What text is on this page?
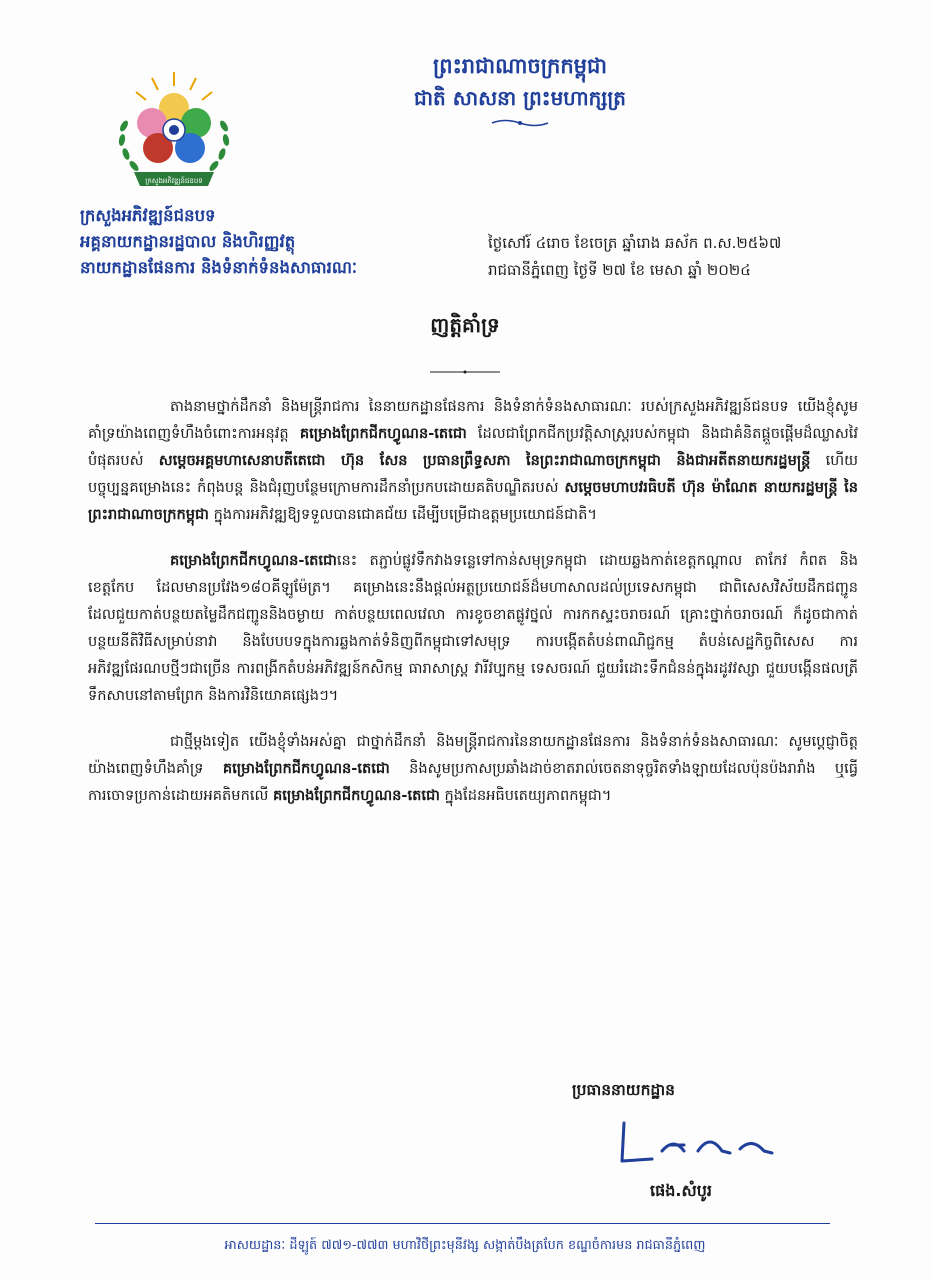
ព្រះរាជាណាចក្រកម្ពុជា
ជាតិ សាសនា ព្រះមហាក្សត្រ
ក្រសួងអភិវឌ្ឍន៍ជនបទ
ក្រសួងអភិវឌ្ឍន៍ជនបទ
អគ្គនាយកដ្ឋានរដ្ឋបាល និងហិរញ្ញវត្ថុ
នាយកដ្ឋានផែនការ និងទំនាក់ទំនងសាធារណៈ
ថ្ងៃសៅរ៍ ៤រោច ខែចេត្រ ឆ្នាំរោង ឆស័ក ព.ស.២៥៦៧
រាជធានីភ្នំពេញ ថ្ងៃទី ២៧ ខែ មេសា ឆ្នាំ ២០២៤
ញត្តិគាំទ្រ

តាងនាមថ្នាក់ដឹកនាំ និងមន្ត្រីរាជការ នៃនាយកដ្ឋានផែនការ និងទំនាក់ទំនងសាធារណៈ របស់ក្រសួងអភិវឌ្ឍន៍ជនបទ យើងខ្ញុំសូមគាំទ្រយ៉ាងពេញទំហឹងចំពោះការអនុវត្ត គម្រោងព្រែកជីកហ្វូណន-តេជោ ដែលជាព្រែកជីកប្រវត្តិសាស្ត្ររបស់កម្ពុជា និងជាគំនិតផ្តួចផ្តើមដ៏ឈ្លាសវៃបំផុតរបស់ សម្តេចអគ្គមហាសេនាបតីតេជោ ហ៊ុន សែន ប្រធានព្រឹទ្ធសភា នៃព្រះរាជាណាចក្រកម្ពុជា និងជាអតីតនាយករដ្ឋមន្ត្រី ហើយបច្ចុប្បន្នគម្រោងនេះ កំពុងបន្ត និងជំរុញបន្ថែមក្រោមការដឹកនាំប្រកបដោយគតិបណ្ឌិតរបស់ សម្តេចមហាបវរធិបតី ហ៊ុន ម៉ាណែត នាយករដ្ឋមន្ត្រី នៃព្រះរាជាណាចក្រកម្ពុជា ក្នុងការអភិវឌ្ឍឱ្យទទួលបានជោគជ័យ ដើម្បីបម្រើជាឧត្តមប្រយោជន៍ជាតិ។

គម្រោងព្រែកជីកហ្វូណន-តេជោនេះ តភ្ជាប់ផ្លូវទឹកវាងទន្លេទៅកាន់សមុទ្រកម្ពុជា ដោយឆ្លងកាត់ខេត្តកណ្ដាល តាកែវ កំពត និងខេត្តកែប ដែលមានប្រវែង១៨០គីឡូម៉ែត្រ។ គម្រោងនេះនឹងផ្តល់អត្ថប្រយោជន៍ដ៏មហាសាលដល់ប្រទេសកម្ពុជា ជាពិសេសវិស័យដឹកជញ្ជូន ដែលជួយកាត់បន្ថយតម្លៃដឹកជញ្ជូននិងចម្ងាយ កាត់បន្ថយពេលវេលា ការខូចខាតផ្លូវថ្នល់ ការកកស្ទះចរាចរណ៍ គ្រោះថ្នាក់ចរាចរណ៍ ក៏ដូចជាកាត់បន្ថយនីតិវិធីសម្រាប់នាវា និងបែបបទក្នុងការឆ្លងកាត់ទំនិញពីកម្ពុជាទៅសមុទ្រ ការបង្កើតតំបន់ពាណិជ្ជកម្ម តំបន់សេដ្ឋកិច្ចពិសេស ការអភិវឌ្ឍផែរណបថ្មីៗជាច្រើន ការពង្រីកតំបន់អភិវឌ្ឍន៍កសិកម្ម ធារាសាស្ត្រ វារីវប្បកម្ម ទេសចរណ៍ ជួយរំដោះទឹកជំនន់ក្នុងរដូវវស្សា ជួយបង្កើនផលត្រីទឹកសាបនៅតាមព្រែក និងការវិនិយោគផ្សេងៗ។

ជាថ្មីម្តងទៀត យើងខ្ញុំទាំងអស់គ្នា ជាថ្នាក់ដឹកនាំ និងមន្ត្រីរាជការនៃនាយកដ្ឋានផែនការ និងទំនាក់ទំនងសាធារណៈ សូមប្តេជ្ញាចិត្តយ៉ាងពេញទំហឹងគាំទ្រ គម្រោងព្រែកជីកហ្វូណន-តេជោ និងសូមប្រកាសប្រឆាំងដាច់ខាតរាល់ចេតនាទុច្ចរិតទាំងឡាយដែលប៉ុនប៉ងរារាំង ឬធ្វើការចោទប្រកាន់ដោយអគតិមកលើ គម្រោងព្រែកជីកហ្វូណន-តេជោ ក្នុងដែនអធិបតេយ្យភាពកម្ពុជា។

ប្រធាននាយកដ្ឋាន
ផេង.សំបូរ
អាសយដ្ឋានៈ ដីឡូត៍ ៧៧១-៧៧៣ មហាវិថីព្រះមុនីវង្ស សង្កាត់បឹងត្របែក ខណ្ឌចំការមន រាជធានីភ្នំពេញ
